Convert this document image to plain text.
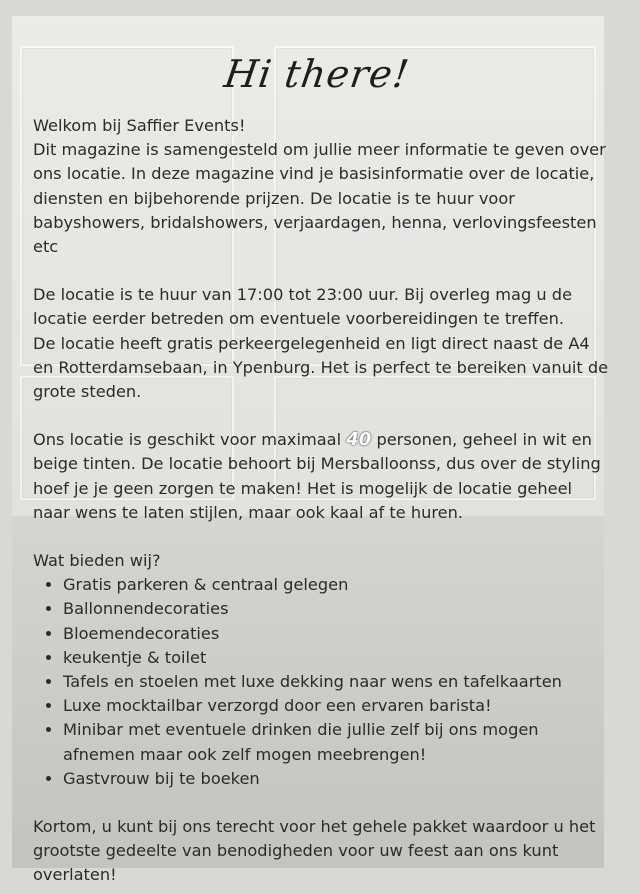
Hi there!

Welkom bij Saffier Events!

Dit magazine is samengesteld om jullie meer informatie te geven over ons locatie. In deze magazine vind je basisinformatie over de locatie, diensten en bijbehorende prijzen. De locatie is te huur voor babyshowers, bridalshowers, verjaardagen, henna, verlovingsfeesten etc

De locatie is te huur van 17:00 tot 23:00 uur. Bij overleg mag u de locatie eerder betreden om eventuele voorbereidingen te treffen.

De locatie heeft gratis perkeergelegenheid en ligt direct naast de A4 en Rotterdamsebaan, in Ypenburg. Het is perfect te bereiken vanuit de grote steden.

Ons locatie is geschikt voor maximaal 40 personen, geheel in wit en beige tinten. De locatie behoort bij Mersballoonss, dus over de styling hoef je je geen zorgen te maken! Het is mogelijk de locatie geheel naar wens te laten stijlen, maar ook kaal af te huren.

Wat bieden wij?

• Gratis parkeren & centraal gelegen
• Ballonnendecoraties
• Bloemendecoraties
• keukentje & toilet
• Tafels en stoelen met luxe dekking naar wens en tafelkaarten
• Luxe mocktailbar verzorgd door een ervaren barista!
• Minibar met eventuele drinken die jullie zelf bij ons mogen afnemen maar ook zelf mogen meebrengen!
• Gastvrouw bij te boeken

Kortom, u kunt bij ons terecht voor het gehele pakket waardoor u het grootste gedeelte van benodigheden voor uw feest aan ons kunt overlaten!
